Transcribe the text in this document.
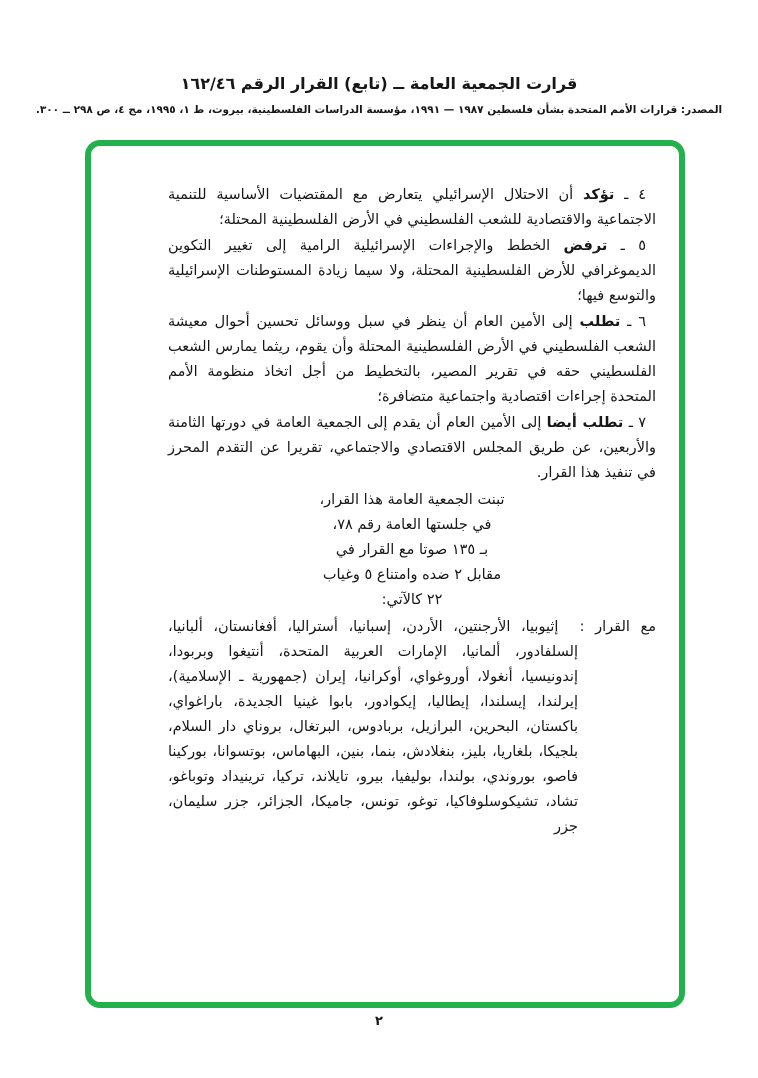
قرارت الجمعية العامة ــ (تابع) القرار الرقم ١٦٢/٤٦
المصدر: قرارات الأمم المتحدة بشأن فلسطين ١٩٨٧ — ١٩٩١، مؤسسة الدراسات الفلسطينية، بيروت، ط ١، ١٩٩٥، مج ٤، ص ٢٩٨ ــ ٣٠٠.

٤ ـ تؤكد أن الاحتلال الإسرائيلي يتعارض مع المقتضيات الأساسية للتنمية الاجتماعية والاقتصادية للشعب الفلسطيني في الأرض الفلسطينية المحتلة؛

٥ ـ ترفض الخطط والإجراءات الإسرائيلية الرامية إلى تغيير التكوين الديموغرافي للأرض الفلسطينية المحتلة، ولا سيما زيادة المستوطنات الإسرائيلية والتوسع فيها؛

٦ ـ تطلب إلى الأمين العام أن ينظر في سبل ووسائل تحسين أحوال معيشة الشعب الفلسطيني في الأرض الفلسطينية المحتلة وأن يقوم، ريثما يمارس الشعب الفلسطيني حقه في تقرير المصير، بالتخطيط من أجل اتخاذ منظومة الأمم المتحدة إجراءات اقتصادية واجتماعية متضافرة؛

٧ ـ تطلب أيضا إلى الأمين العام أن يقدم إلى الجمعية العامة في دورتها الثامنة والأربعين، عن طريق المجلس الاقتصادي والاجتماعي، تقريرا عن التقدم المحرز في تنفيذ هذا القرار.

تبنت الجمعية العامة هذا القرار،
في جلستها العامة رقم ٧٨،
بـ ١٣٥ صوتا مع القرار في
مقابل ٢ ضده وامتناع ٥ وغياب
٢٢ كالآتي:

مع القرار :  إثيوبيا، الأرجنتين، الأردن، إسبانيا، أستراليا، أفغانستان، ألبانيا، إلسلفادور، ألمانيا، الإمارات العربية المتحدة، أنتيغوا وبربودا، إندونيسيا، أنغولا، أوروغواي، أوكرانيا، إيران (جمهورية ـ الإسلامية)، إيرلندا، إيسلندا، إيطاليا، إيكوادور، بابوا غينيا الجديدة، باراغواي، باكستان، البحرين، البرازيل، بربادوس، البرتغال، بروناي دار السلام، بلجيكا، بلغاريا، بليز، بنغلادش، بنما، بنين، البهاماس، بوتسوانا، بوركينا فاصو، بوروندي، بولندا، بوليفيا، بيرو، تايلاند، تركيا، ترينيداد وتوباغو، تشاد، تشيكوسلوفاكيا، توغو، تونس، جاميكا، الجزائر، جزر سليمان، جزر

٢
